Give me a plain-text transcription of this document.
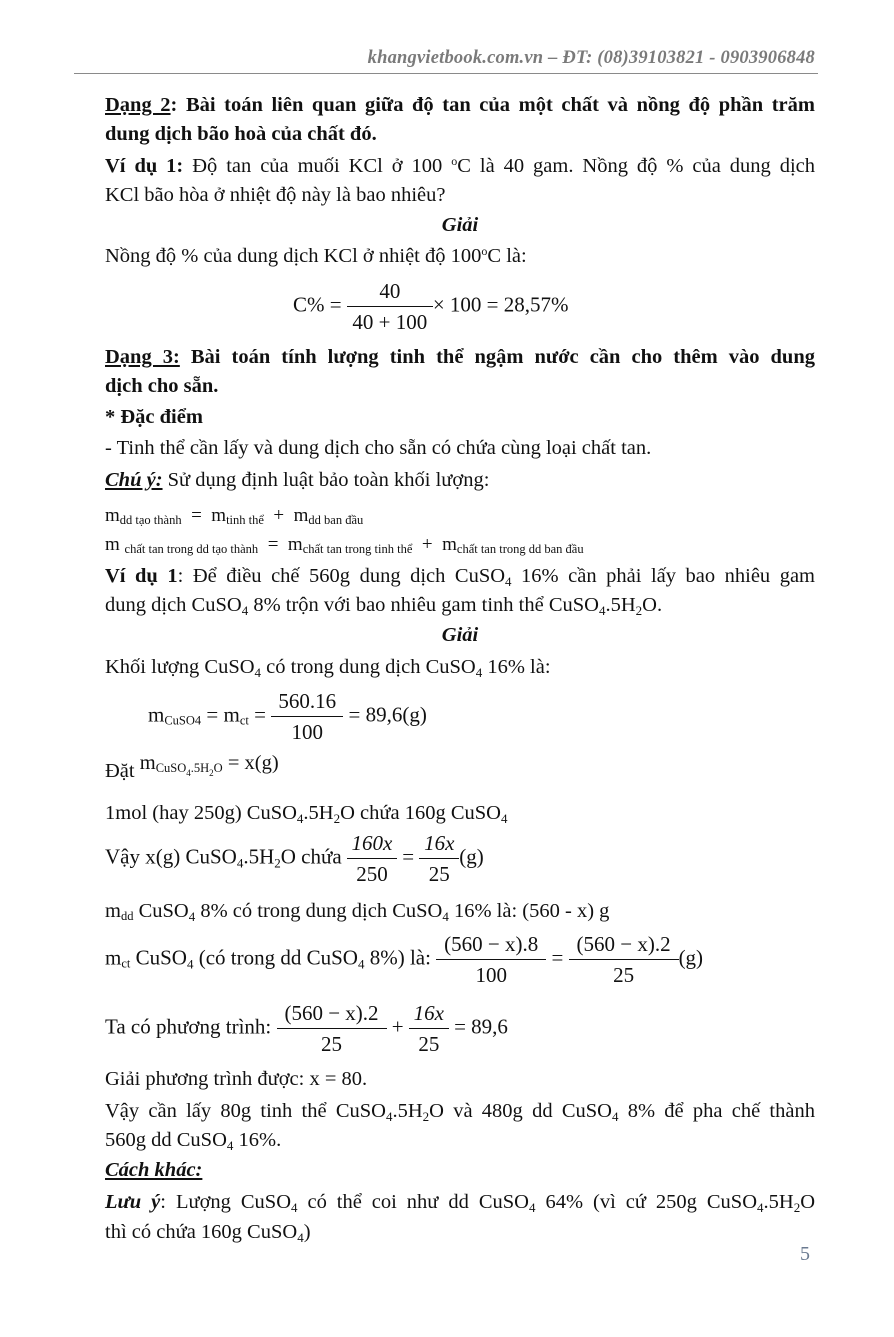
khangvietbook.com.vn – ĐT: (08)39103821 - 0903906848
Dạng 2: Bài toán liên quan giữa độ tan của một chất và nồng độ phần trăm
dung dịch bão hoà của chất đó.
Ví dụ 1: Độ tan của muối KCl ở 100 $^o$C là 40 gam. Nồng độ % của dung dịch
KCl bão hòa ở nhiệt độ này là bao nhiêu?
Giải
Nồng độ % của dung dịch KCl ở nhiệt độ 100$^o$C là:
$C\% = \frac{40}{40 + 100} \times 100 = 28,57\%$
Dạng 3: Bài toán tính lượng tinh thể ngậm nước cần cho thêm vào dung
dịch cho sẵn.
* Đặc điểm
- Tinh thể cần lấy và dung dịch cho sẵn có chứa cùng loại chất tan.
Chú ý: Sử dụng định luật bảo toàn khối lượng:
mdd tạo thành = mtinh thể + mdd ban đầu
m chất tan trong dd tạo thành = mchất tan trong tinh thể + mchất tan trong dd ban đầu
Ví dụ 1: Để điều chế 560g dung dịch CuSO$_4$ 16% cần phải lấy bao nhiêu gam
dung dịch CuSO$_4$ 8% trộn với bao nhiêu gam tinh thể $CuSO_4.5H_2O$.
Giải
Khối lượng CuSO$_4$ có trong dung dịch CuSO$_4$ 16% là:
mCuSO4 = mct = $\frac{560.16}{100} = 89,6(g)$
Đặt $mCuSO_4.5H_2O = x(g)$
1mol (hay 250g) $CuSO_4.5H_2O$ chứa 160g CuSO$_4$
Vậy x(g) $CuSO_4.5H_2O$ chứa $\frac{160x}{250} = \frac{16x}{25} (g)$
mdd CuSO$_4$ 8% có trong dung dịch CuSO$_4$ 16% là: (560 - x) g
mct CuSO$_4$ (có trong dd CuSO$_4$ 8%) là: $\frac{(560 - x).8}{100} = \frac{(560 - x).2}{25} (g)$
Ta có phương trình: $\frac{(560 - x).2}{25} + \frac{16x}{25} = 89,6$
Giải phương trình được: x = 80.
Vậy cần lấy 80g tinh thể $CuSO_4.5H_2O$ và 480g dd CuSO$_4$ 8% để pha chế thành
560g dd CuSO$_4$ 16%.
Cách khác:
Lưu ý: Lượng CuSO$_4$ có thể coi như dd CuSO$_4$ 64% (vì cứ 250g $CuSO_4.5H_2O$
thì có chứa 160g CuSO$_4$)
5
